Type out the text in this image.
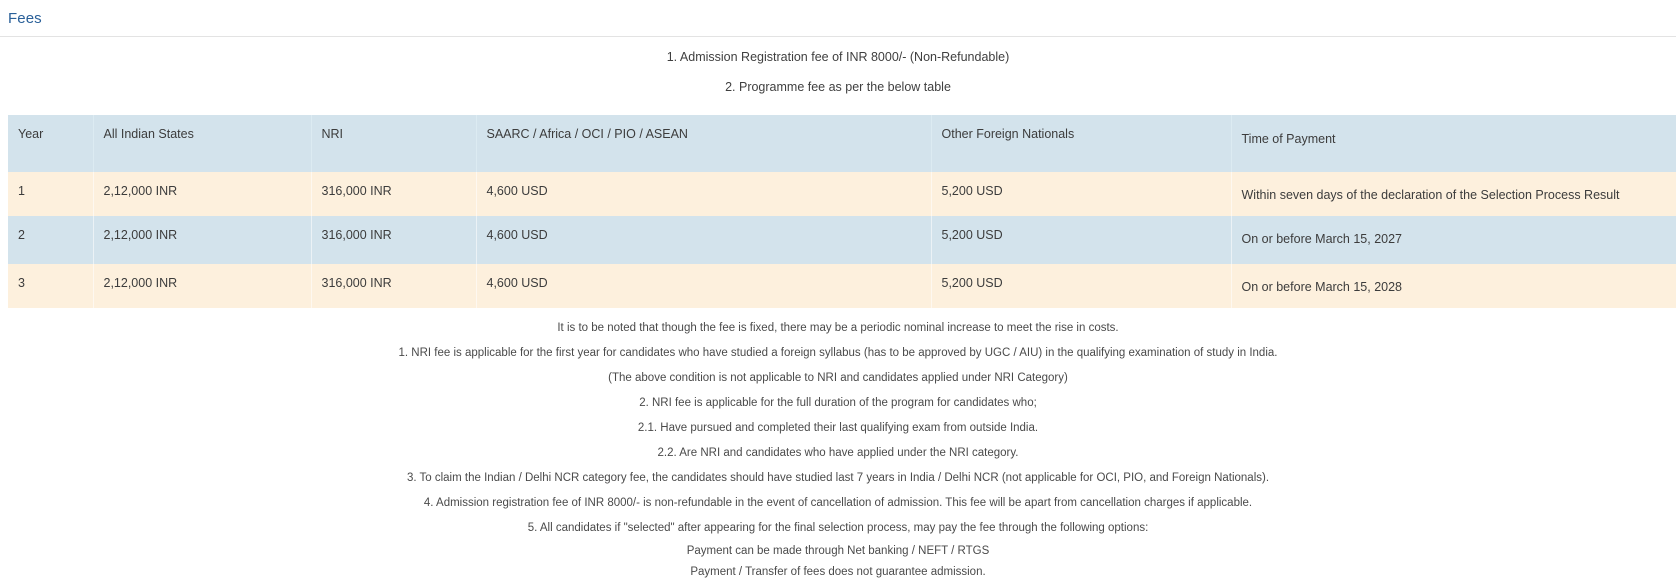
Fees
1. Admission Registration fee of INR 8000/- (Non-Refundable)
2. Programme fee as per the below table
Year	All Indian States	NRI	SAARC / Africa / OCI / PIO / ASEAN	Other Foreign Nationals	Time of Payment
1	2,12,000 INR	316,000 INR	4,600 USD	5,200 USD	Within seven days of the declaration of the Selection Process Result
2	2,12,000 INR	316,000 INR	4,600 USD	5,200 USD	On or before March 15, 2027
3	2,12,000 INR	316,000 INR	4,600 USD	5,200 USD	On or before March 15, 2028
It is to be noted that though the fee is fixed, there may be a periodic nominal increase to meet the rise in costs.
1. NRI fee is applicable for the first year for candidates who have studied a foreign syllabus (has to be approved by UGC / AIU) in the qualifying examination of study in India.
(The above condition is not applicable to NRI and candidates applied under NRI Category)
2. NRI fee is applicable for the full duration of the program for candidates who;
2.1. Have pursued and completed their last qualifying exam from outside India.
2.2. Are NRI and candidates who have applied under the NRI category.
3. To claim the Indian / Delhi NCR category fee, the candidates should have studied last 7 years in India / Delhi NCR (not applicable for OCI, PIO, and Foreign Nationals).
4. Admission registration fee of INR 8000/- is non-refundable in the event of cancellation of admission. This fee will be apart from cancellation charges if applicable.
5. All candidates if "selected" after appearing for the final selection process, may pay the fee through the following options:
Payment can be made through Net banking / NEFT / RTGS
Payment / Transfer of fees does not guarantee admission.
